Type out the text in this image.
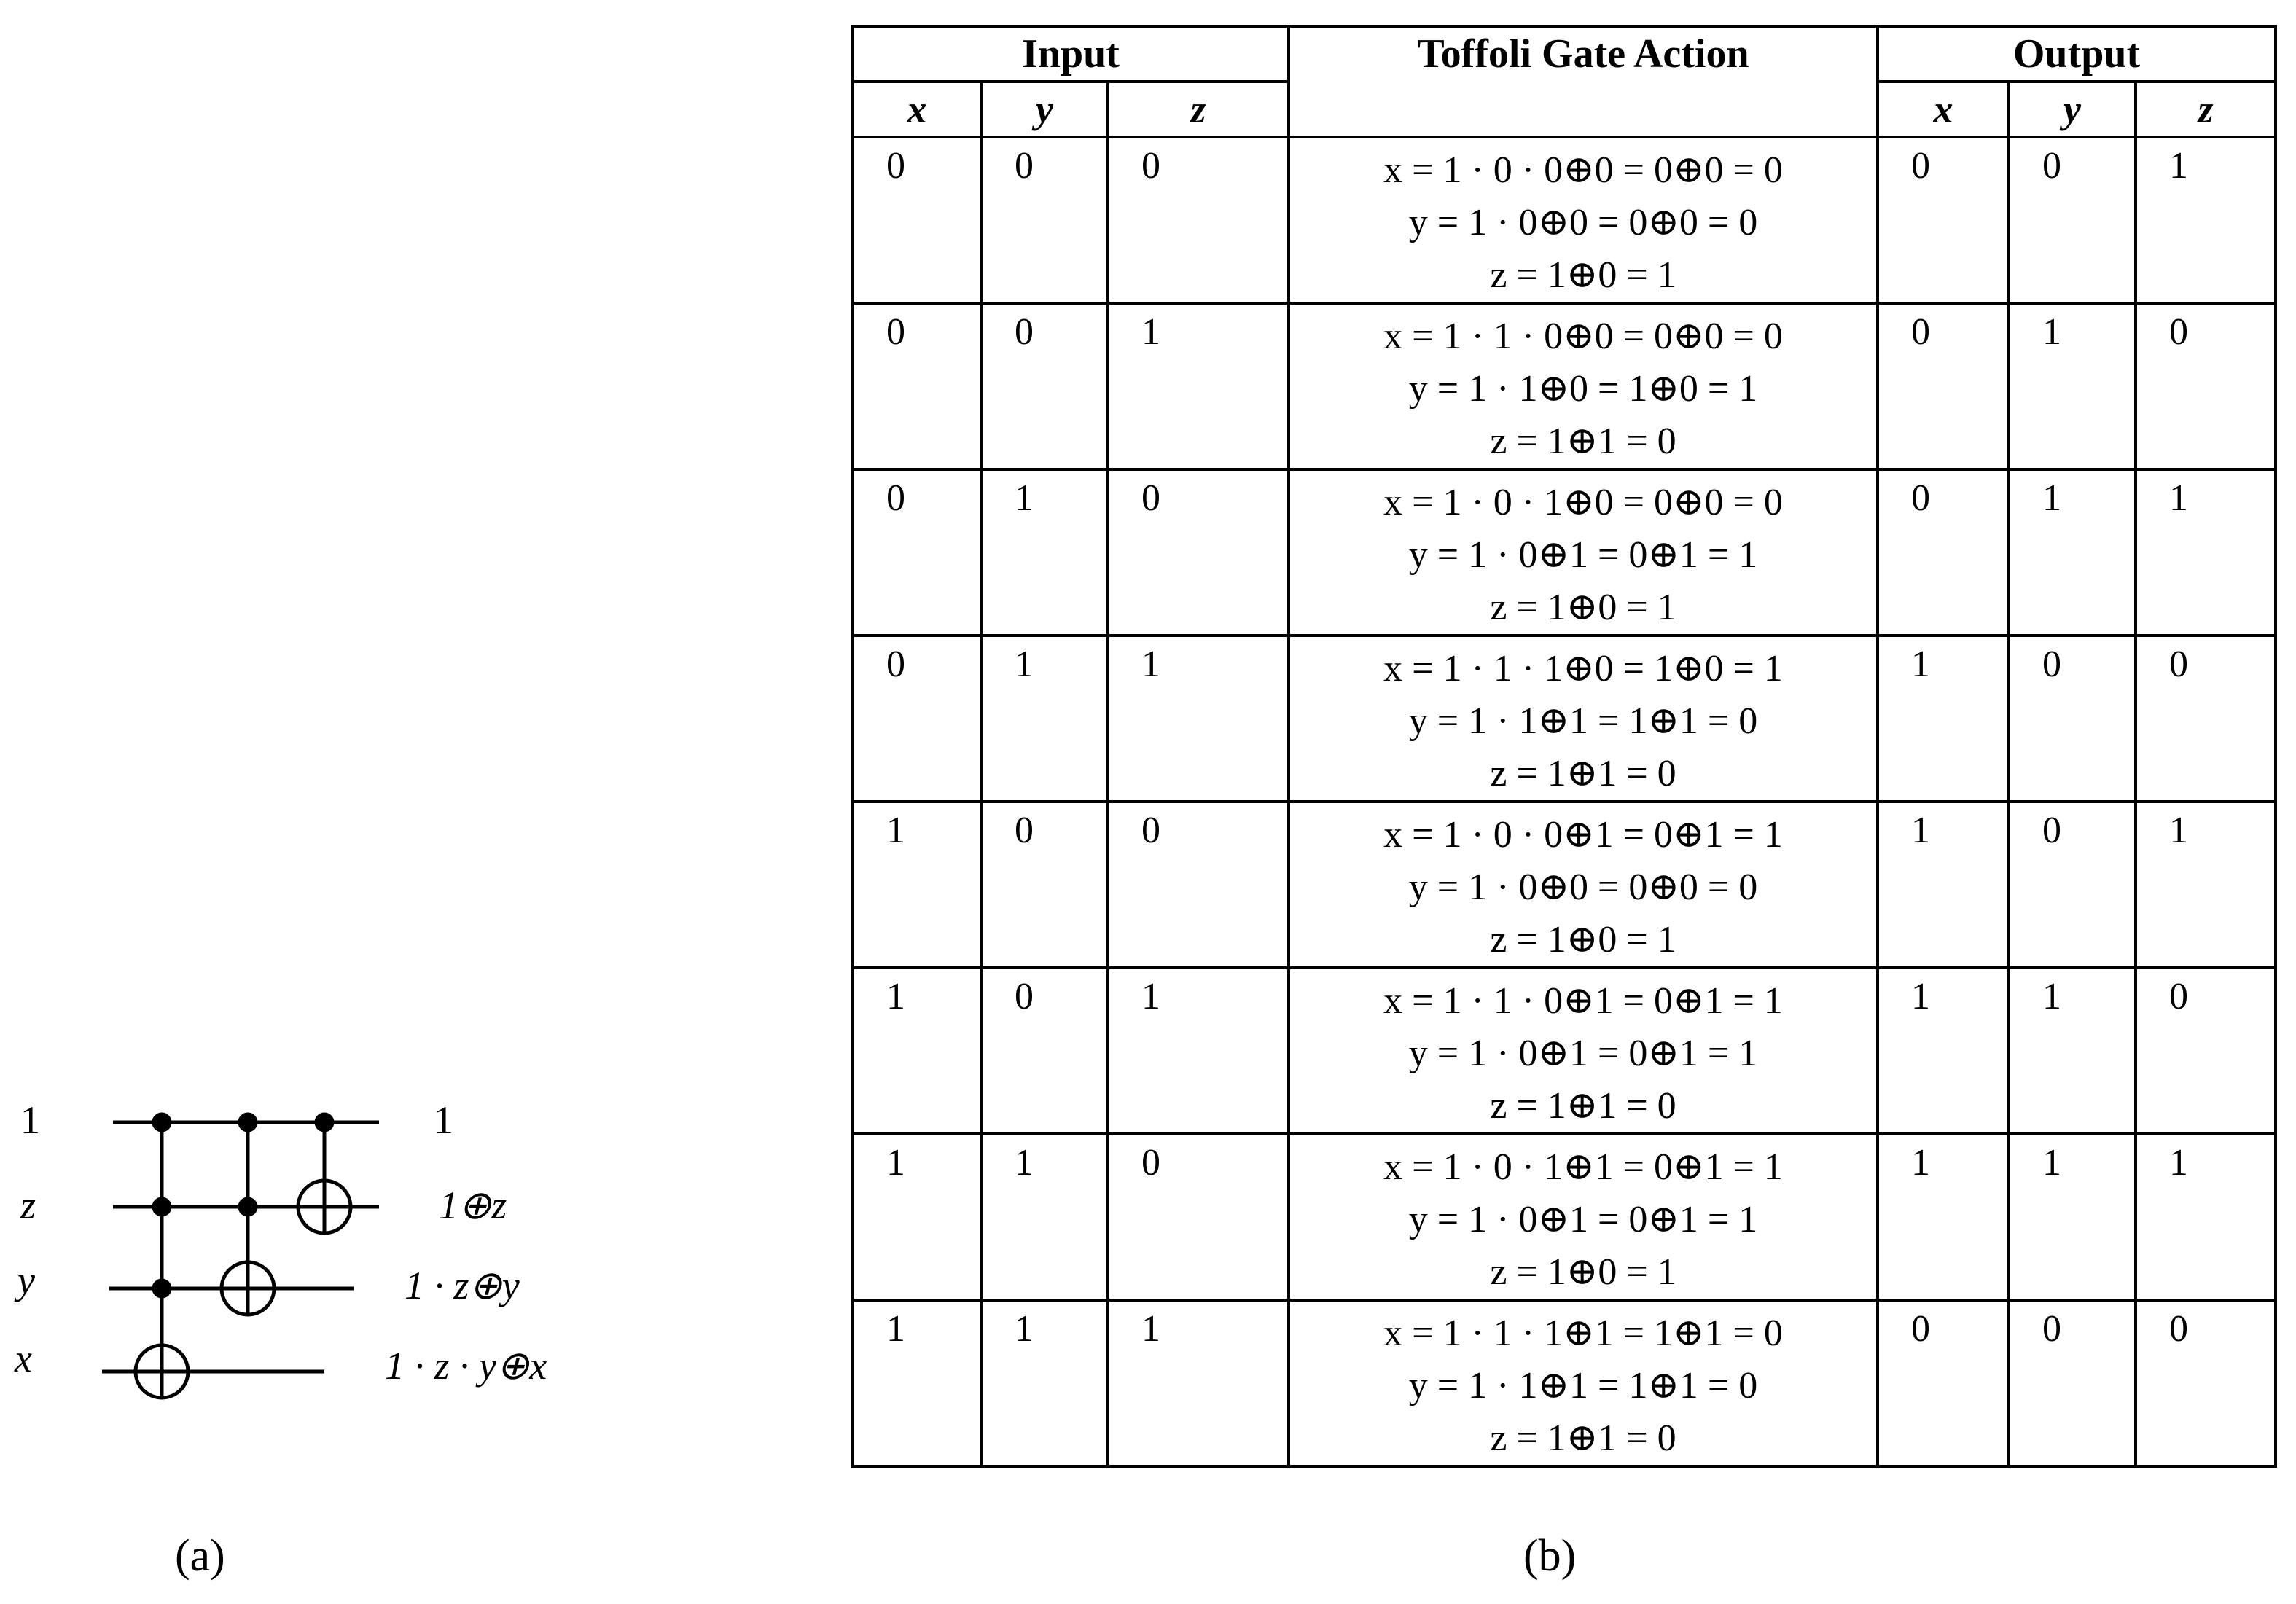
1
z
y
x
1
1⊕z
1 · z⊕y
1 · z · y⊕x
(a)	(b)
Input			Toffoli Gate Action	Output		
x	y	z		x	y	z
0	0	0	x = 1 · 0 · 0⊕0 = 0⊕0 = 0
y = 1 · 0⊕0 = 0⊕0 = 0
z = 1⊕0 = 1	0	0	1
0	0	1	x = 1 · 1 · 0⊕0 = 0⊕0 = 0
y = 1 · 1⊕0 = 1⊕0 = 1
z = 1⊕1 = 0	0	1	0
0	1	0	x = 1 · 0 · 1⊕0 = 0⊕0 = 0
y = 1 · 0⊕1 = 0⊕1 = 1
z = 1⊕0 = 1	0	1	1
0	1	1	x = 1 · 1 · 1⊕0 = 1⊕0 = 1
y = 1 · 1⊕1 = 1⊕1 = 0
z = 1⊕1 = 0	1	0	0
1	0	0	x = 1 · 0 · 0⊕1 = 0⊕1 = 1
y = 1 · 0⊕0 = 0⊕0 = 0
z = 1⊕0 = 1	1	0	1
1	0	1	x = 1 · 1 · 0⊕1 = 0⊕1 = 1
y = 1 · 0⊕1 = 0⊕1 = 1
z = 1⊕1 = 0	1	1	0
1	1	0	x = 1 · 0 · 1⊕1 = 0⊕1 = 1
y = 1 · 0⊕1 = 0⊕1 = 1
z = 1⊕0 = 1	1	1	1
1	1	1	x = 1 · 1 · 1⊕1 = 1⊕1 = 0
y = 1 · 1⊕1 = 1⊕1 = 0
z = 1⊕1 = 0	0	0	0
